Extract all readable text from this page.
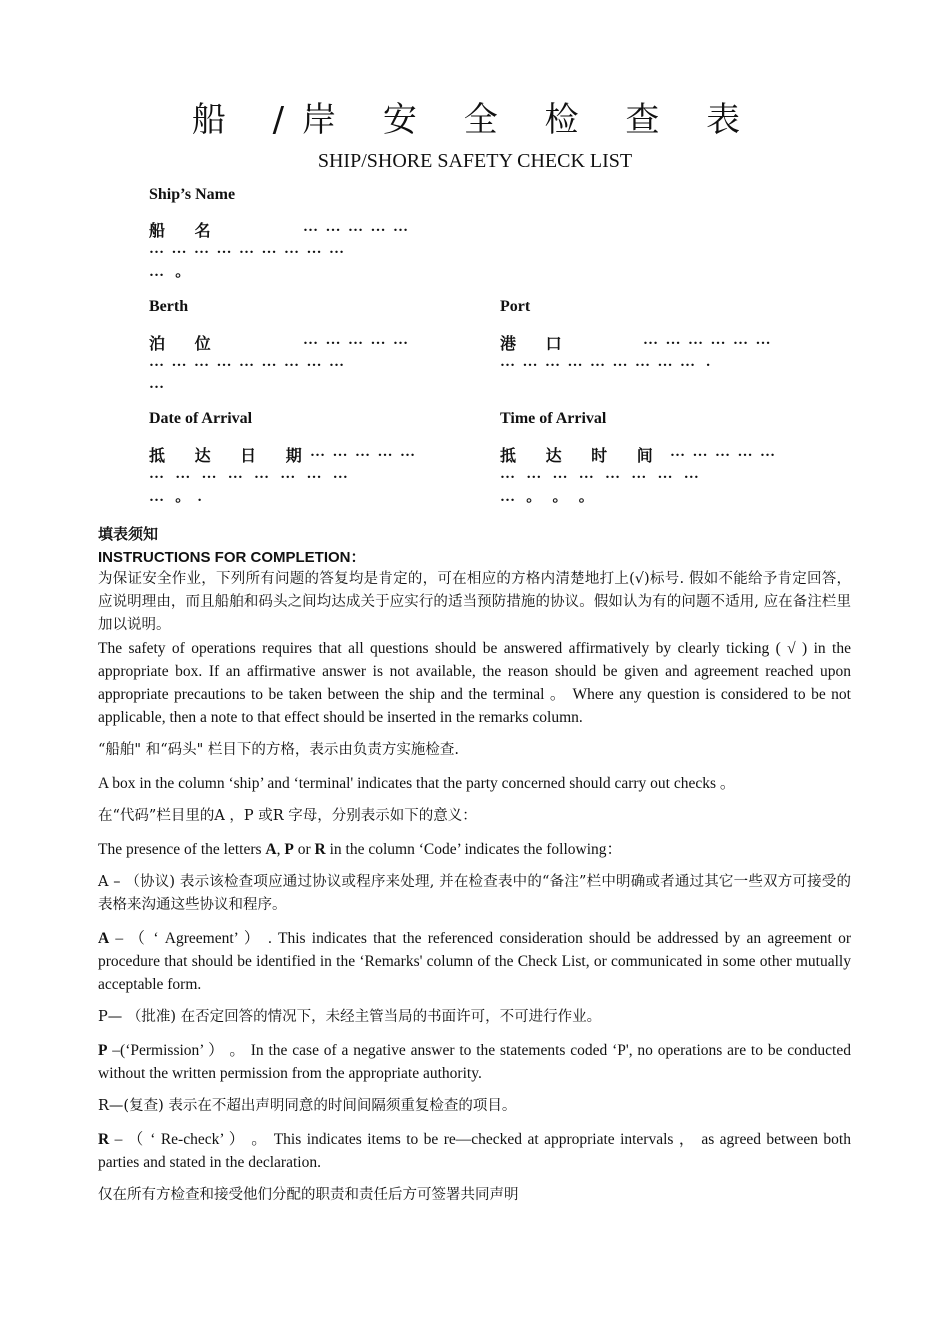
船 /岸 安 全 检 查 表
SHIP/SHORE SAFETY CHECK LIST
Ship’s Name
船 名	…  …  …  …  …
…  …  …  …  …  …  …  …  …
…   。
Berth
泊 位	…  …  …  …  …
…  …  …  …  …  …  …  …  …
…
Port
港 口	…  …  …  …  …  …
…  …  …  …  …  …  …  …  …   .
Date of Arrival
抵 达 日 期
…  …  …  …  …
…   …   …   …   …   …   …   …
…   。  .
Time of Arrival
抵 达 时 间 …  …  …  …  …
…   …   …   …   …   …   …   …
…   。   。   。
填表须知
INSTRUCTIONS FOR COMPLETION：
为保证安全作业，下列所有问题的答复均是肯定的，可在相应的方格内清楚地打上(√)标号. 假如不能给予肯定回答，应说明理由，而且船舶和码头之间均达成关于应实行的适当预防措施的协议。假如认为有的问题不适用, 应在备注栏里加以说明。
The safety of operations requires that all questions should be answered affirmatively by clearly ticking ( √ ) in the appropriate box. If an affirmative answer is not available, the reason should be given and agreement reached upon appropriate precautions to be taken between the ship and the terminal 。 Where any question is considered to be not applicable, then a note to that effect should be inserted in the remarks column.
“船舶" 和“码头" 栏目下的方格，表示由负责方实施检查.
A box in the column ‘ship’ and ‘terminal' indicates that the party concerned should carry out checks 。
在“代码”栏目里的A ，P 或R 字母，分别表示如下的意义：
The presence of the letters A, P or R in the column ‘Code’ indicates the following：
A – （协议) 表示该检查项应通过协议或程序来处理, 并在检查表中的“备注”栏中明确或者通过其它一些双方可接受的表格来沟通这些协议和程序。
A – （ ‘ Agreement’ ） . This indicates that the referenced consideration should be addressed by an agreement or procedure that should be identified in the ‘Remarks' column of the Check List, or communicated in some other mutually acceptable form.
P— （批准) 在否定回答的情况下，未经主管当局的书面许可，不可进行作业。
P –(‘Permission’ ） 。 In the case of a negative answer to the statements coded ‘P', no operations are to be conducted without the written permission from the appropriate authority.
R—(复查) 表示在不超出声明同意的时间间隔须重复检查的项目。
R – （ ‘ Re-check’ ） 。 This indicates items to be re—checked at appropriate intervals ， as agreed between both parties and stated in the declaration.
仅在所有方检查和接受他们分配的职责和责任后方可签署共同声明
